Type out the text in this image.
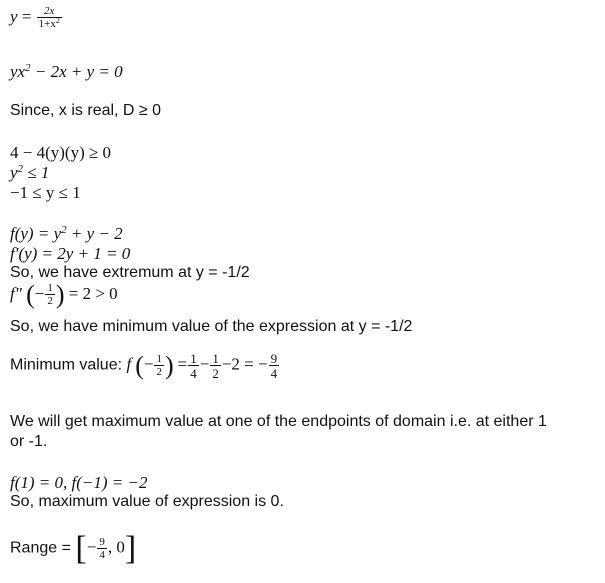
$y = \frac{2x}{1+x^2}$
$yx^2 - 2x + y = 0$
Since, x is real, D ≥ 0
4 − 4(y)(y) ≥ 0
$y^2 \le 1$
−1 ≤ y ≤ 1
$f(y) = y^2 + y - 2$
f′(y) = 2y + 1 = 0
So, we have extremum at y = -1/2
f″ (− $\frac{1}{2}$ ) = 2 > 0
So, we have minimum value of the expression at y = -1/2
Minimum value: f (− $\frac{1}{2}$ ) = $\frac{1}{4} - \frac{1}{2} -2$ = − $\frac{9}{4}$
We will get maximum value at one of the endpoints of domain i.e. at either 1
or -1.
f(1) = 0, f(−1) = −2
So, maximum value of expression is 0.
Range = [− $\frac{9}{4}$ , 0]
